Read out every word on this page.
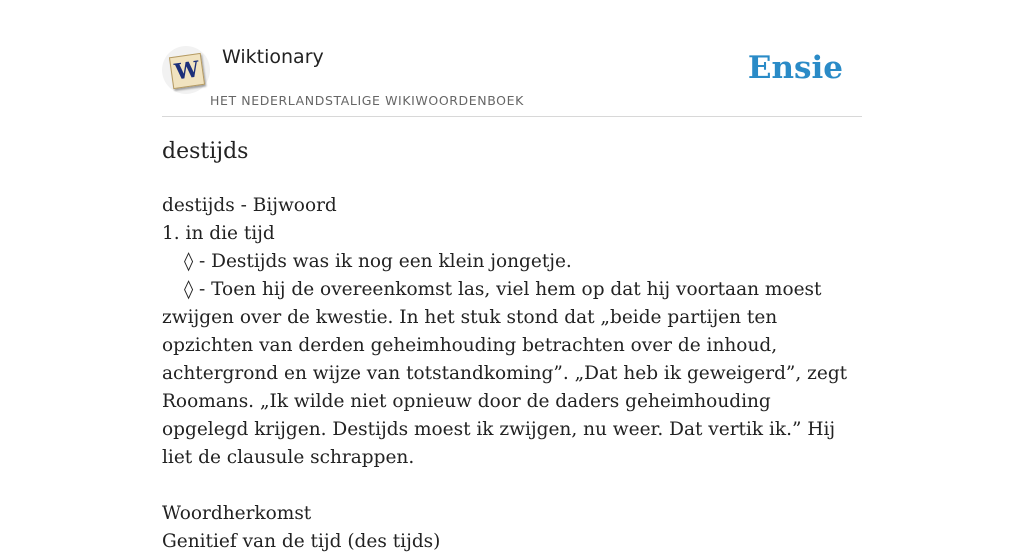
W Wiktionary
HET NEDERLANDSTALIGE WIKIWOORDENBOEK
Ensie
destijds

destijds - Bijwoord

1. in die tijd

◊ - Destijds was ik nog een klein jongetje.

◊ - Toen hij de overeenkomst las, viel hem op dat hij voortaan moest zwijgen over de kwestie. In het stuk stond dat „beide partijen ten opzichten van derden geheimhouding betrachten over de inhoud, achtergrond en wijze van totstandkoming”. „Dat heb ik geweigerd”, zegt Roomans. „Ik wilde niet opnieuw door de daders geheimhouding opgelegd krijgen. Destijds moest ik zwijgen, nu weer. Dat vertik ik.” Hij liet de clausule schrappen.

Woordherkomst

Genitief van de tijd (des tijds)
